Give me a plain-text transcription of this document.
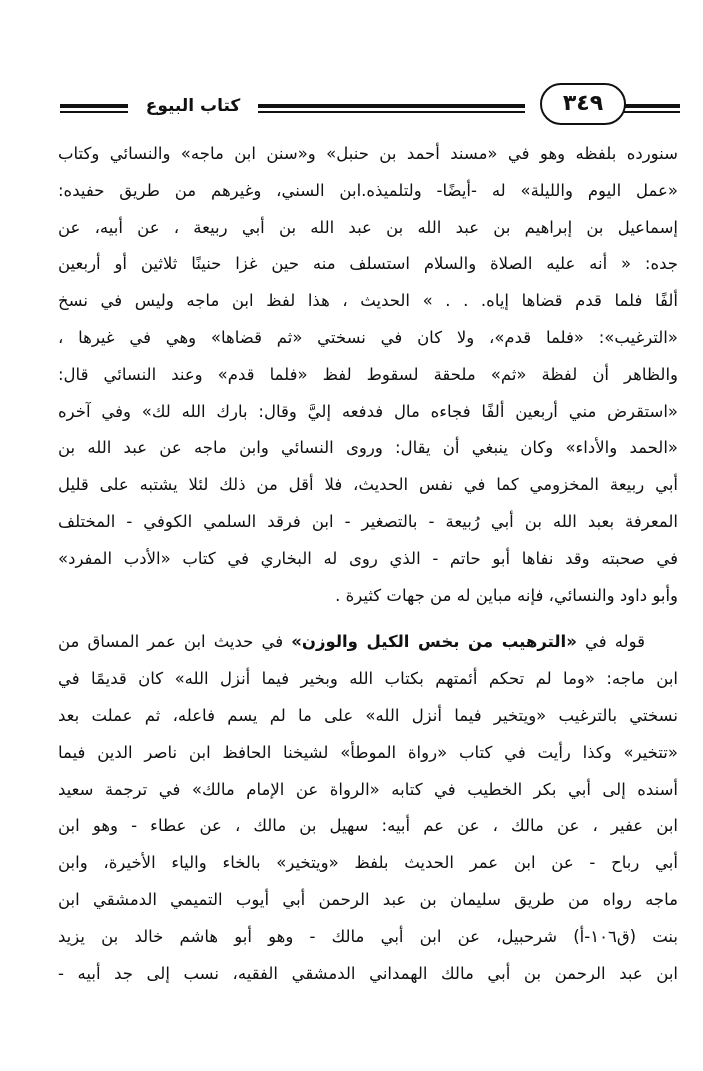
كتاب البيوع	٣٤٩
سنورده بلفظه وهو في «مسند أحمد بن حنبل» و«سنن ابن ماجه» والنسائي وكتاب
«عمل اليوم والليلة» له -أيضًا- ولتلميذه.ابن السني، وغيرهم من طريق حفيده:
إسماعيل بن إبراهيم بن عبد الله بن عبد الله بن أبي ربيعة ، عن أبيه، عن
جده: « أنه عليه الصلاة والسلام استسلف منه حين غزا حنينًا ثلاثين أو أربعين
ألفًا فلما قدم قضاها إياه. . . » الحديث ، هذا لفظ ابن ماجه وليس في نسخ
«الترغيب»: «فلما قدم»، ولا كان في نسختي «ثم قضاها» وهي في غيرها ،
والظاهر أن لفظة «ثم» ملحقة لسقوط لفظ «فلما قدم» وعند النسائي قال:
«استقرض مني أربعين ألفًا فجاءه مال فدفعه إليَّ وقال: بارك الله لك» وفي آخره
«الحمد والأداء» وكان ينبغي أن يقال: وروى النسائي وابن ماجه عن عبد الله بن
أبي ربيعة المخزومي كما في نفس الحديث، فلا أقل من ذلك لئلا يشتبه على قليل
المعرفة بعبد الله بن أبي رُبيعة - بالتصغير - ابن فرقد السلمي الكوفي - المختلف
في صحبته وقد نفاها أبو حاتم - الذي روى له البخاري في كتاب «الأدب المفرد»
وأبو داود والنسائي، فإنه مباين له من جهات كثيرة .
  قوله في «الترهيب من بخس الكيل والوزن» في حديث ابن عمر المساق من
ابن ماجه: «وما لم تحكم أئمتهم بكتاب الله وبخير فيما أنزل الله» كان قديمًا في
نسختي بالترغيب «ويتخير فيما أنزل الله» على ما لم يسم فاعله، ثم عملت بعد
«تتخير» وكذا رأيت في كتاب «رواة الموطأ» لشيخنا الحافظ ابن ناصر الدين فيما
أسنده إلى أبي بكر الخطيب في كتابه «الرواة عن الإمام مالك» في ترجمة سعيد
ابن عفير ، عن مالك ، عن عم أبيه: سهيل بن مالك ، عن عطاء - وهو ابن
أبي رباح - عن ابن عمر الحديث بلفظ «ويتخير» بالخاء والياء الأخيرة، وابن
ماجه رواه من طريق سليمان بن عبد الرحمن أبي أيوب التميمي الدمشقي ابن
بنت (ق١٠٦-أ) شرحبيل، عن ابن أبي مالك - وهو أبو هاشم خالد بن يزيد
ابن عبد الرحمن بن أبي مالك الهمداني الدمشقي الفقيه، نسب إلى جد أبيه -
